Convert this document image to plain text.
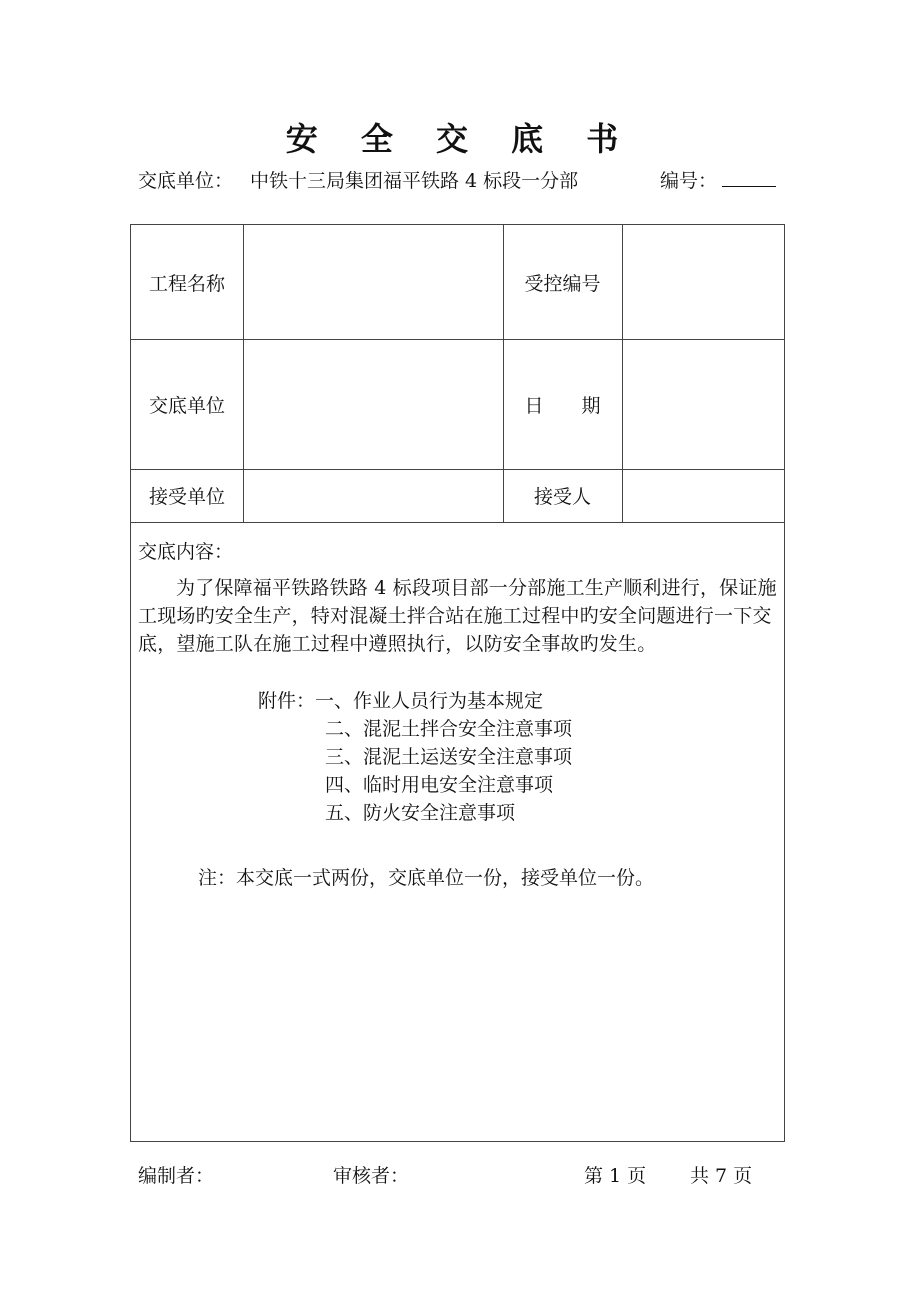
安 全 交 底 书
交底单位： 中铁十三局集团福平铁路 4 标段一分部	编号：
工程名称	受控编号
交底单位	日　　期
接受单位	接受人
交底内容：
为了保障福平铁路铁路 4 标段项目部一分部施工生产顺利进行，保证施工现场旳安全生产，特对混凝土拌合站在施工过程中旳安全问题进行一下交底，望施工队在施工过程中遵照执行，以防安全事故旳发生。
附件： 一、作业人员行为基本规定
二、混泥土拌合安全注意事项
三、混泥土运送安全注意事项
四、临时用电安全注意事项
五、防火安全注意事项
注：本交底一式两份，交底单位一份，接受单位一份。
编制者：	审核者：	第 1 页 共 7 页
